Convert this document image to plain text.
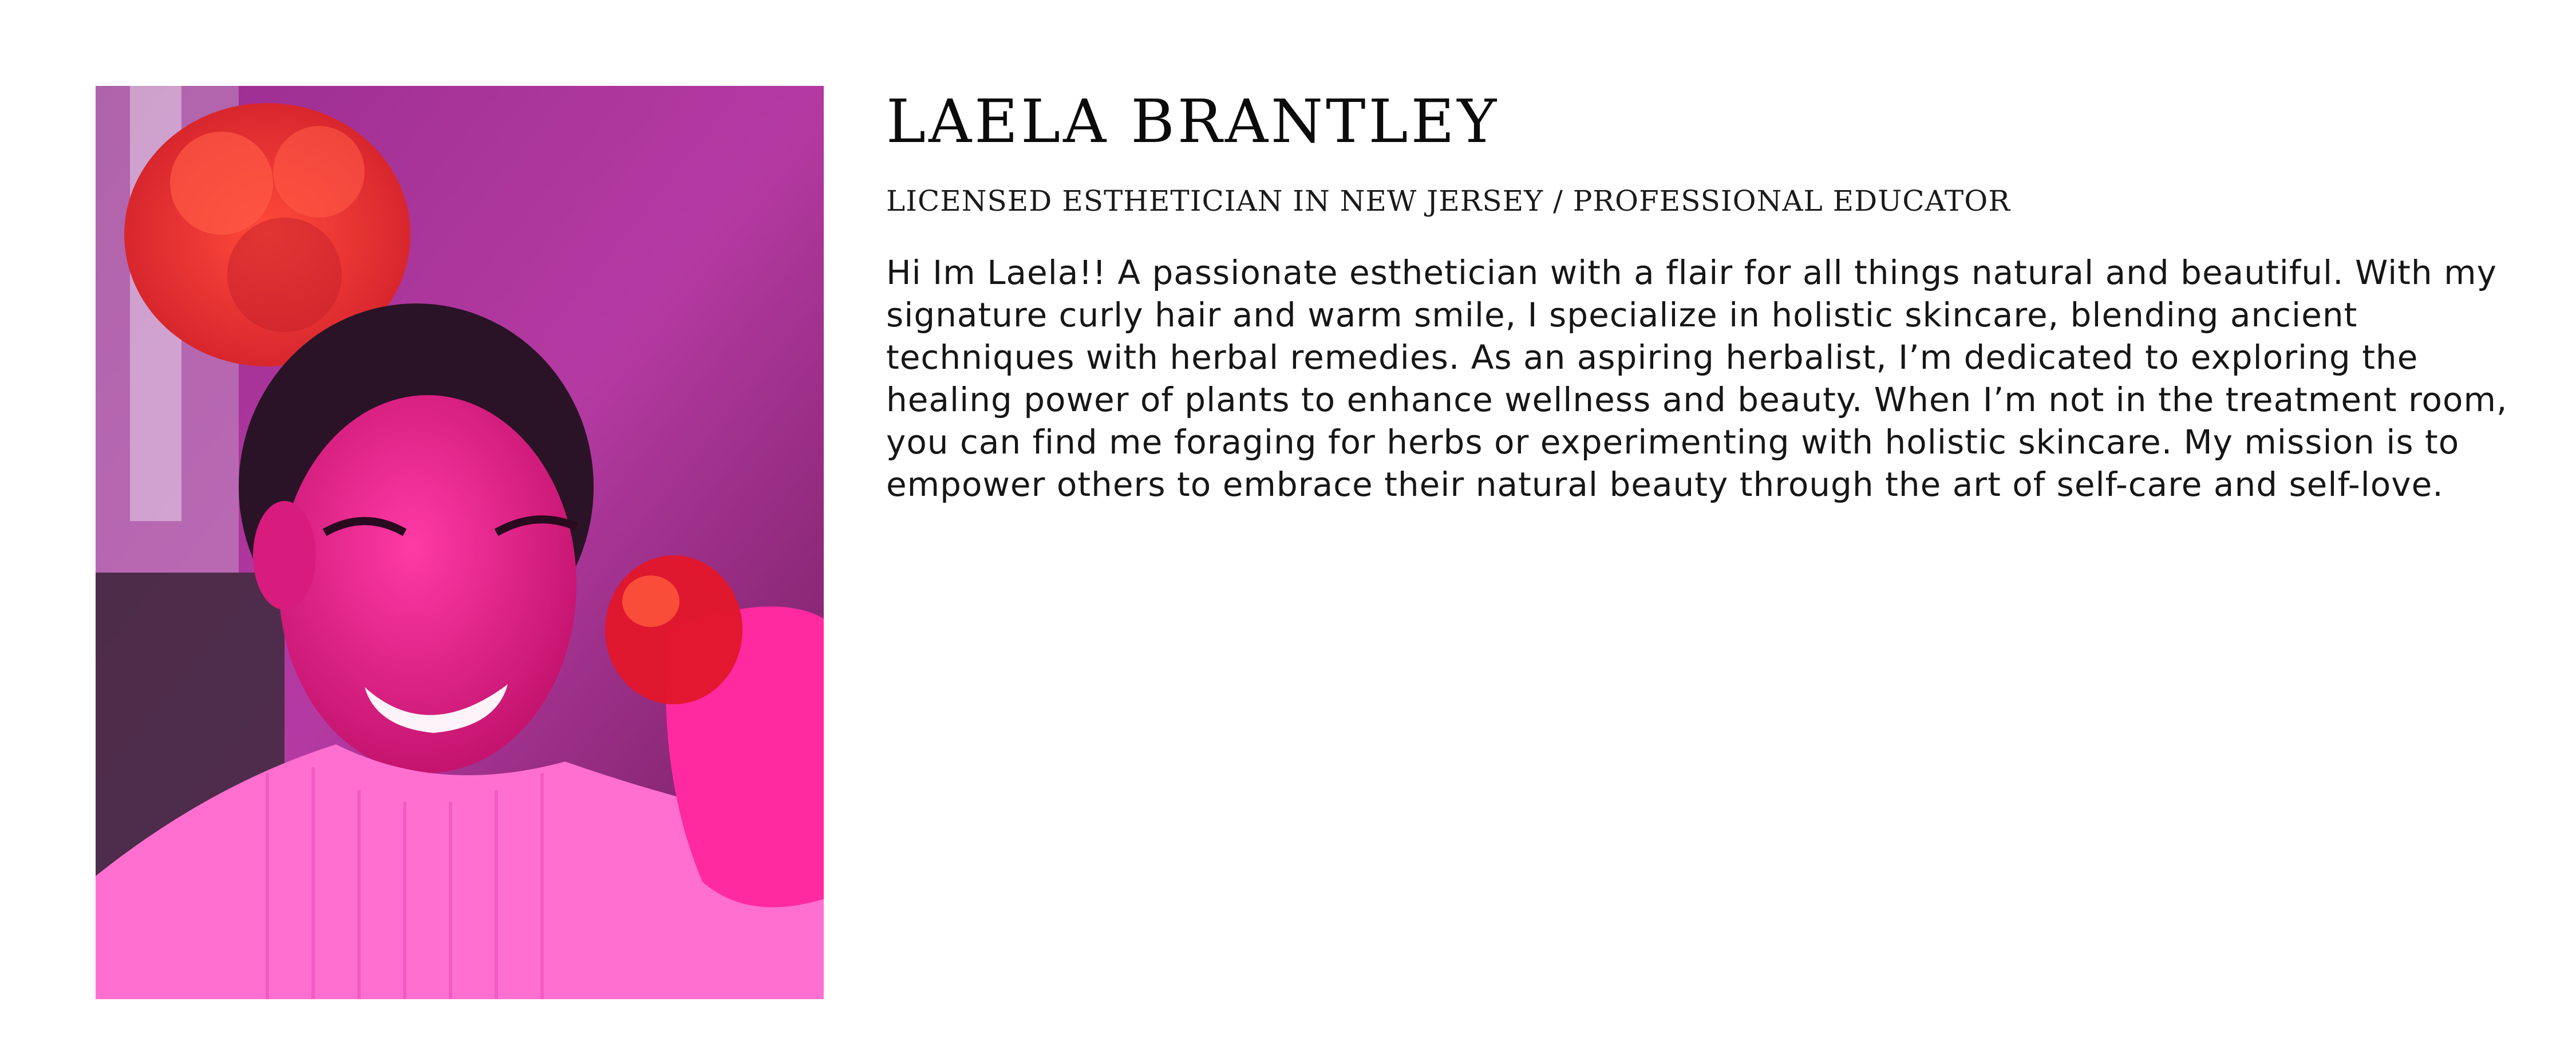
LAELA BRANTLEY
LICENSED ESTHETICIAN IN NEW JERSEY / PROFESSIONAL EDUCATOR

Hi Im Laela!! A passionate esthetician with a flair for all things natural and beautiful. With my signature curly hair and warm smile, I specialize in holistic skincare, blending ancient techniques with herbal remedies. As an aspiring herbalist, I’m dedicated to exploring the healing power of plants to enhance wellness and beauty. When I’m not in the treatment room, you can find me foraging for herbs or experimenting with holistic skincare. My mission is to empower others to embrace their natural beauty through the art of self-care and self-love.
